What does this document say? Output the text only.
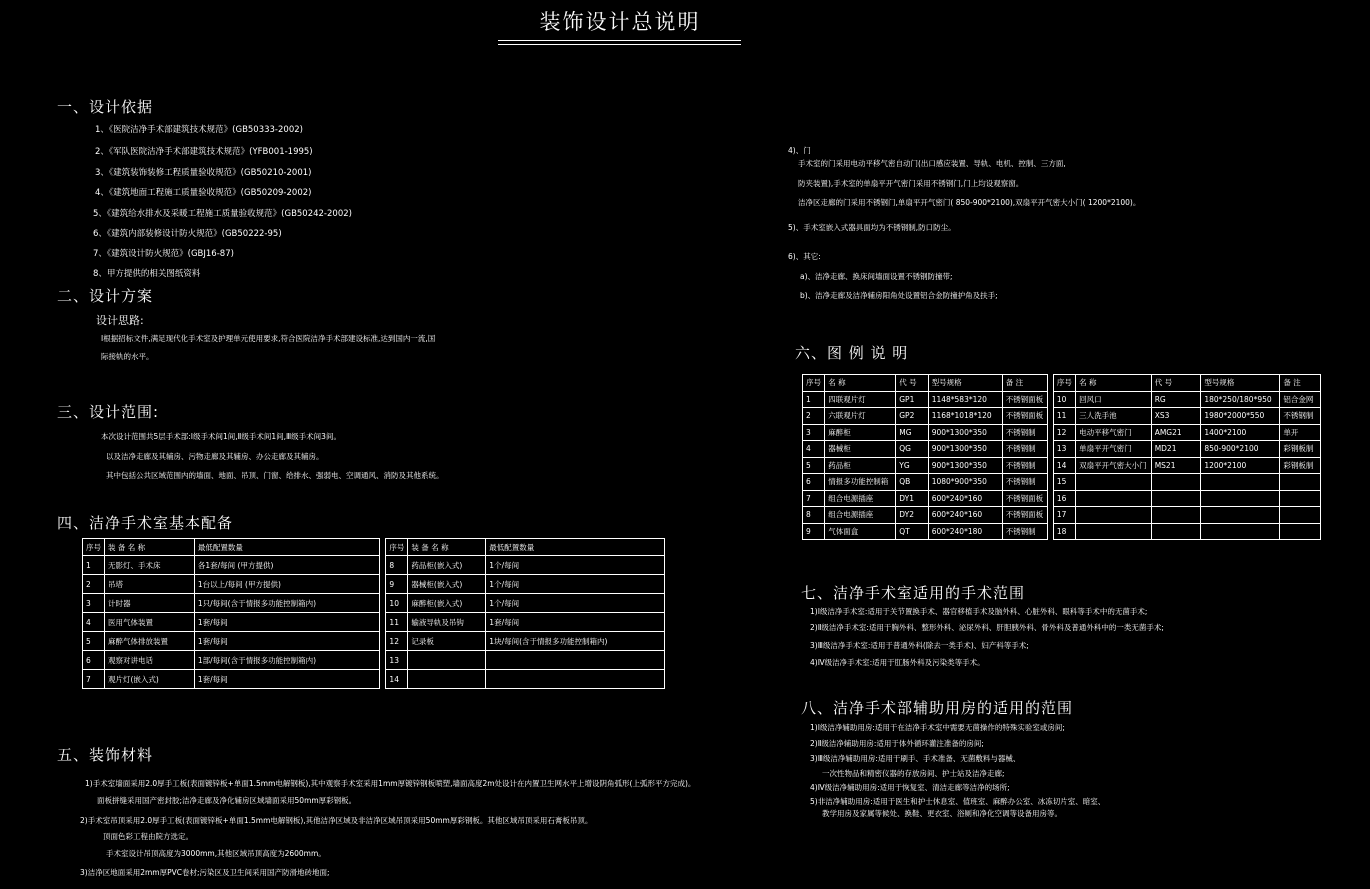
装饰设计总说明
一、设计依据
1、《医院洁净手术部建筑技术规范》(GB50333-2002)
2、《军队医院洁净手术部建筑技术规范》(YFB001-1995)
3、《建筑装饰装修工程质量验收规范》(GB50210-2001)
4、《建筑地面工程施工质量验收规范》(GB50209-2002)
5、《建筑给水排水及采暖工程施工质量验收规范》(GB50242-2002)
6、《建筑内部装修设计防火规范》(GB50222-95)
7、《建筑设计防火规范》(GBJ16-87)
8、甲方提供的相关图纸资料
二、设计方案
设计思路:
Ⅰ根据招标文件,满足现代化手术室及护理单元使用要求,符合医院洁净手术部建设标准,达到国内一流,国
际接轨的水平。
三、设计范围:
本次设计范围共5层手术部:Ⅰ级手术间1间,Ⅱ级手术间1间,Ⅲ级手术间3间。
以及洁净走廊及其辅房、污物走廊及其辅房、办公走廊及其辅房。
其中包括公共区域范围内的墙面、地面、吊顶、门窗、给排水、强弱电、空调通风、消防及其他系统。
四、洁净手术室基本配备
序号	装 备 名 称	最低配置数量		序号	装 备 名 称	最低配置数量
1	无影灯、手术床	各1套/每间 (甲方提供)		8	药品柜(嵌入式)	1个/每间
2	吊塔	1台以上/每间 (甲方提供)		9	器械柜(嵌入式)	1个/每间
3	计时器	1只/每间(含于情报多功能控制箱内)		10	麻醉柜(嵌入式)	1个/每间
4	医用气体装置	1套/每间		11	输液导轨及吊钩	1套/每间
5	麻醉气体排放装置	1套/每间		12	记录板	1块/每间(含于情报多功能控制箱内)
6	观察对讲电话	1部/每间(含于情报多功能控制箱内)		13		
7	观片灯(嵌入式)	1套/每间		14		
五、装饰材料
1)手术室墙面采用2.0厚手工板(表面镀锌板+单面1.5mm电解钢板),其中观察手术室采用1mm厚镀锌钢板喷塑,墙面高度2m处设计在内置卫生网水平上增设阴角弧形(上弧形平方完成)。
面板拼缝采用国产密封胶;洁净走廊及净化辅房区域墙面采用50mm厚彩钢板。
2)手术室吊顶采用2.0厚手工板(表面镀锌板+单面1.5mm电解钢板),其他洁净区域及非洁净区域吊顶采用50mm厚彩钢板。其他区域吊顶采用石膏板吊顶。
顶面色彩工程由院方选定。
手术室设计吊顶高度为3000mm,其他区域吊顶高度为2600mm。
3)洁净区地面采用2mm厚PVC卷材;污染区及卫生间采用国产防滑地砖地面;
4)、门
手术室的门采用电动平移气密自动门(出口感应装置、导轨、电机、控制、三方面,
防夹装置),手术室的单扇平开气密门采用不锈钢门,门上均设观察窗。
洁净区走廊的门采用不锈钢门,单扇平开气密门( 850-900*2100),双扇平开气密大小门( 1200*2100)。
5)、手术室嵌入式器具面均为不锈钢制,防口防尘。
6)、其它:
a)、洁净走廊、换床间墙面设置不锈钢防撞带;
b)、洁净走廊及洁净辅房阳角处设置铝合金防撞护角及扶手;
六、图 例 说 明
序号	名 称	代 号	型号规格	备 注		序号	名 称	代 号	型号规格	备 注
1	四联观片灯	GP1	1148*583*120	不锈钢面板		10	回风口	RG	180*250/180*950	铝合金网
2	六联观片灯	GP2	1168*1018*120	不锈钢面板		11	三人洗手池	XS3	1980*2000*550	不锈钢制
3	麻醉柜	MG	900*1300*350	不锈钢制		12	电动平移气密门	AMG21	1400*2100	单开
4	器械柜	QG	900*1300*350	不锈钢制		13	单扇平开气密门	MD21	850-900*2100	彩钢板制
5	药品柜	YG	900*1300*350	不锈钢制		14	双扇平开气密大小门	MS21	1200*2100	彩钢板制
6	情报多功能控制箱	QB	1080*900*350	不锈钢制		15				
7	组合电源插座	DY1	600*240*160	不锈钢面板		16				
8	组合电源插座	DY2	600*240*160	不锈钢面板		17				
9	气体面盒	QT	600*240*180	不锈钢制		18				
七、洁净手术室适用的手术范围
1)Ⅰ级洁净手术室:适用于关节置换手术、器官移植手术及脑外科、心脏外科、眼科等手术中的无菌手术;
2)Ⅱ级洁净手术室:适用于胸外科、整形外科、泌尿外科、肝胆胰外科、骨外科及普通外科中的一类无菌手术;
3)Ⅲ级洁净手术室:适用于普通外科(除去一类手术)、妇产科等手术;
4)Ⅳ级洁净手术室:适用于肛肠外科及污染类等手术。
八、洁净手术部辅助用房的适用的范围
1)Ⅰ级洁净辅助用房:适用于在洁净手术室中需要无菌操作的特殊实验室或房间;
2)Ⅱ级洁净辅助用房:适用于体外循环灌注准备的房间;
3)Ⅲ级洁净辅助用房:适用于刷手、手术准备、无菌敷料与器械、
一次性物品和精密仪器的存放房间、护士站及洁净走廊;
4)Ⅳ级洁净辅助用房:适用于恢复室、清洁走廊等洁净的场所;
5)非洁净辅助用房:适用于医生和护士休息室、值班室、麻醉办公室、冰冻切片室、暗室、
教学用房及家属等候处、换鞋、更衣室、浴厕和净化空调等设备用房等。
